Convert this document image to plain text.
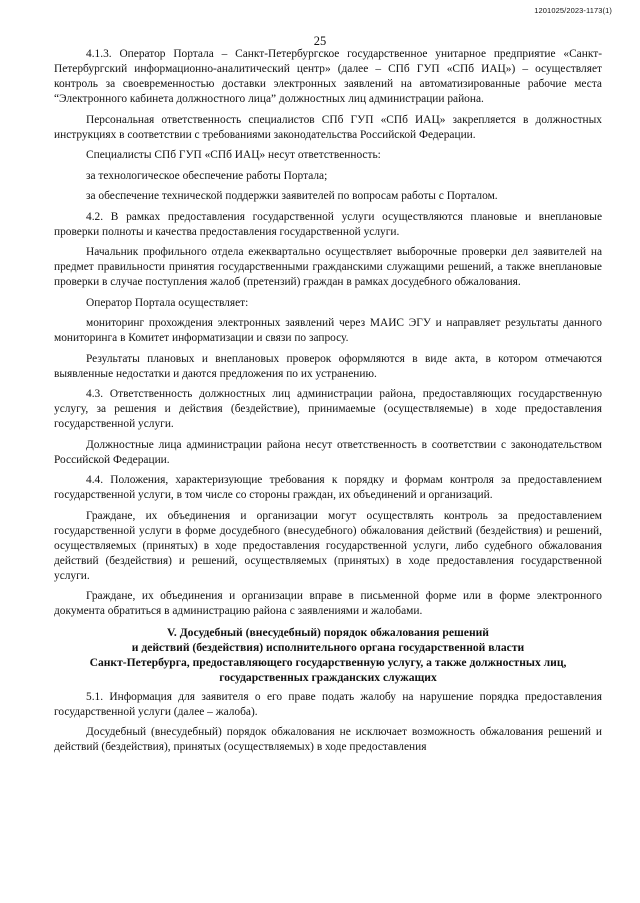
1201025/2023-1173(1)
25
4.1.3. Оператор Портала – Санкт-Петербургское государственное унитарное предприятие «Санкт-Петербургский информационно-аналитический центр» (далее – СПб ГУП «СПб ИАЦ») – осуществляет контроль за своевременностью доставки электронных заявлений на автоматизированные рабочие места “Электронного кабинета должностного лица” должностных лиц администрации района.
Персональная ответственность специалистов СПб ГУП «СПб ИАЦ» закрепляется в должностных инструкциях в соответствии с требованиями законодательства Российской Федерации.
Специалисты СПб ГУП «СПб ИАЦ» несут ответственность:
за технологическое обеспечение работы Портала;
за обеспечение технической поддержки заявителей по вопросам работы с Порталом.
4.2. В рамках предоставления государственной услуги осуществляются плановые и внеплановые проверки полноты и качества предоставления государственной услуги.
Начальник профильного отдела ежеквартально осуществляет выборочные проверки дел заявителей на предмет правильности принятия государственными гражданскими служащими решений, а также внеплановые проверки в случае поступления жалоб (претензий) граждан в рамках досудебного обжалования.
Оператор Портала осуществляет:
мониторинг прохождения электронных заявлений через МАИС ЭГУ и направляет результаты данного мониторинга в Комитет информатизации и связи по запросу.
Результаты плановых и внеплановых проверок оформляются в виде акта, в котором отмечаются выявленные недостатки и даются предложения по их устранению.
4.3. Ответственность должностных лиц администрации района, предоставляющих государственную услугу, за решения и действия (бездействие), принимаемые (осуществляемые) в ходе предоставления государственной услуги.
Должностные лица администрации района несут ответственность в соответствии с законодательством Российской Федерации.
4.4. Положения, характеризующие требования к порядку и формам контроля за предоставлением государственной услуги, в том числе со стороны граждан, их объединений и организаций.
Граждане, их объединения и организации могут осуществлять контроль за предоставлением государственной услуги в форме досудебного (внесудебного) обжалования действий (бездействия) и решений, осуществляемых (принятых) в ходе предоставления государственной услуги, либо судебного обжалования действий (бездействия) и решений, осуществляемых (принятых) в ходе предоставления государственной услуги.
Граждане, их объединения и организации вправе в письменной форме или в форме электронного документа обратиться в администрацию района с заявлениями и жалобами.
V. Досудебный (внесудебный) порядок обжалования решений
и действий (бездействия) исполнительного органа государственной власти
Санкт-Петербурга, предоставляющего государственную услугу, а также должностных лиц,
государственных гражданских служащих
5.1. Информация для заявителя о его праве подать жалобу на нарушение порядка предоставления государственной услуги (далее – жалоба).
Досудебный (внесудебный) порядок обжалования не исключает возможность обжалования решений и действий (бездействия), принятых (осуществляемых) в ходе предоставления
